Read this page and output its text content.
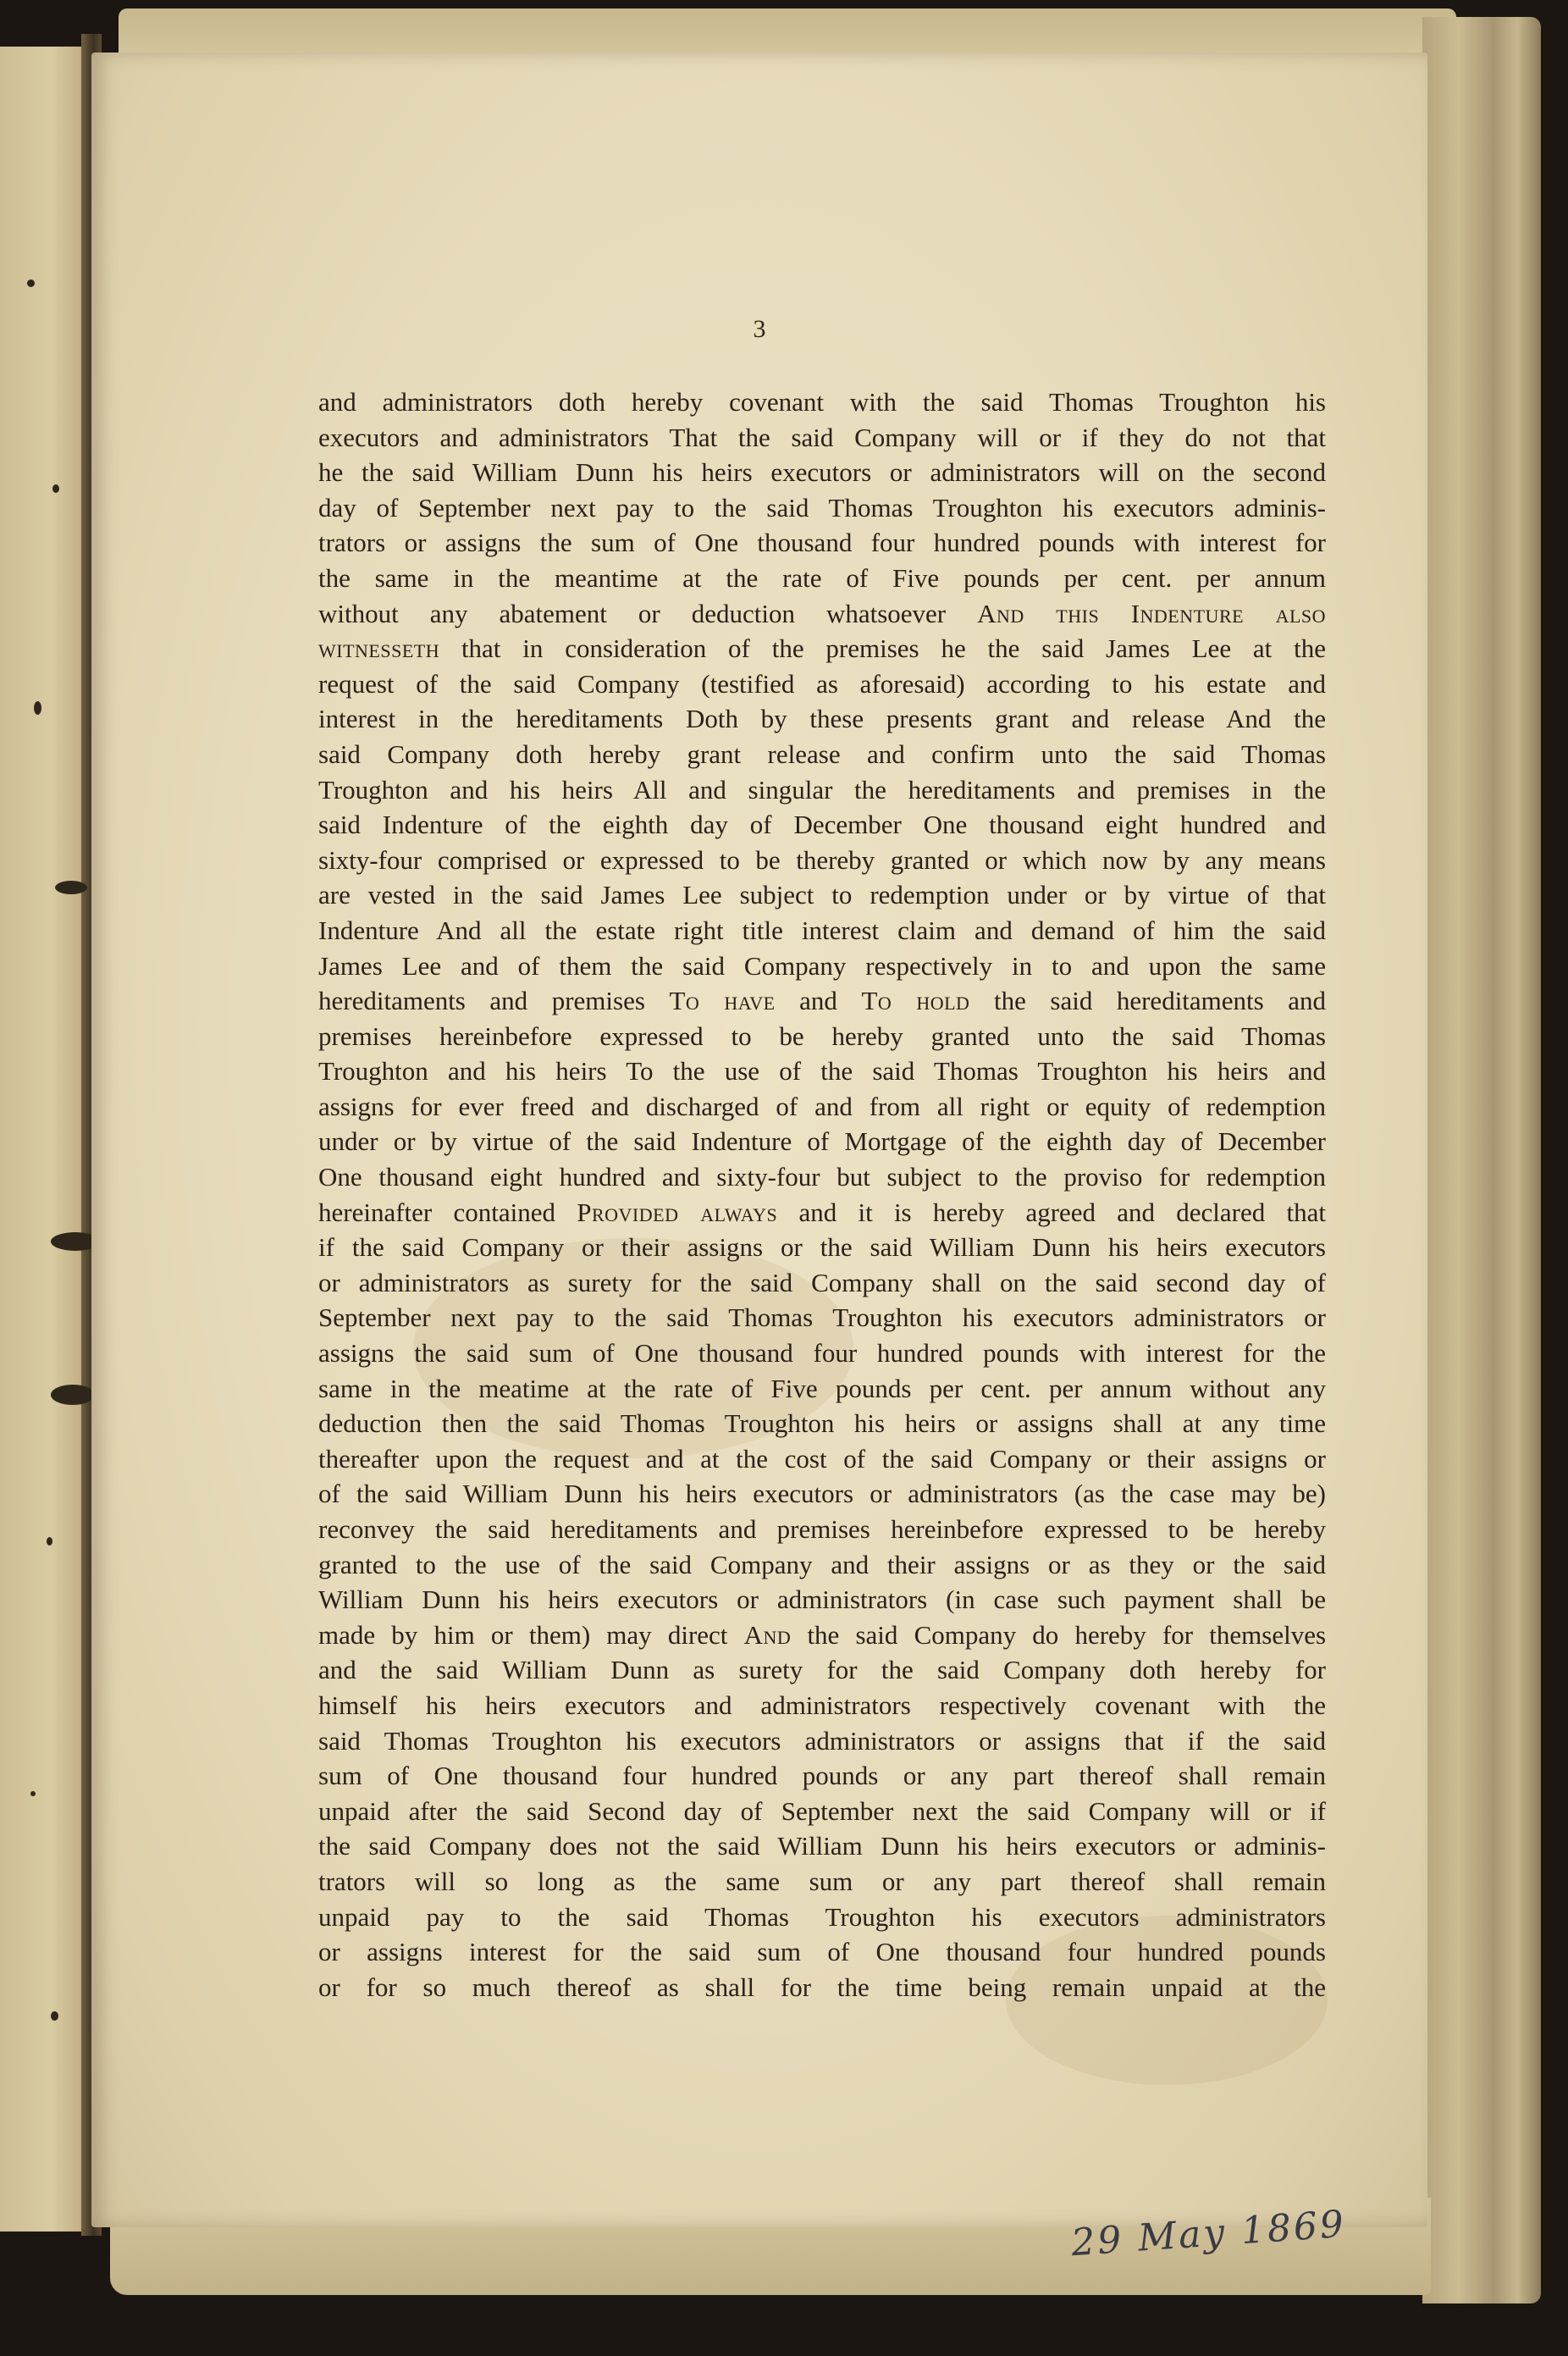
3
and administrators doth hereby covenant with the said Thomas Troughton his
executors and administrators That the said Company will or if they do not that
he the said William Dunn his heirs executors or administrators will on the second
day of September next pay to the said Thomas Troughton his executors adminis-
trators or assigns the sum of One thousand four hundred pounds with interest for
the same in the meantime at the rate of Five pounds per cent. per annum
without any abatement or deduction whatsoever And this Indenture also
witnesseth that in consideration of the premises he the said James Lee at the
request of the said Company (testified as aforesaid) according to his estate and
interest in the hereditaments Doth by these presents grant and release And the
said Company doth hereby grant release and confirm unto the said Thomas
Troughton and his heirs All and singular the hereditaments and premises in the
said Indenture of the eighth day of December One thousand eight hundred and
sixty-four comprised or expressed to be thereby granted or which now by any means
are vested in the said James Lee subject to redemption under or by virtue of that
Indenture And all the estate right title interest claim and demand of him the said
James Lee and of them the said Company respectively in to and upon the same
hereditaments and premises To have and To hold the said hereditaments and
premises hereinbefore expressed to be hereby granted unto the said Thomas
Troughton and his heirs To the use of the said Thomas Troughton his heirs and
assigns for ever freed and discharged of and from all right or equity of redemption
under or by virtue of the said Indenture of Mortgage of the eighth day of December
One thousand eight hundred and sixty-four but subject to the proviso for redemption
hereinafter contained Provided always and it is hereby agreed and declared that
if the said Company or their assigns or the said William Dunn his heirs executors
or administrators as surety for the said Company shall on the said second day of
September next pay to the said Thomas Troughton his executors administrators or
assigns the said sum of One thousand four hundred pounds with interest for the
same in the meatime at the rate of Five pounds per cent. per annum without any
deduction then the said Thomas Troughton his heirs or assigns shall at any time
thereafter upon the request and at the cost of the said Company or their assigns or
of the said William Dunn his heirs executors or administrators (as the case may be)
reconvey the said hereditaments and premises hereinbefore expressed to be hereby
granted to the use of the said Company and their assigns or as they or the said
William Dunn his heirs executors or administrators (in case such payment shall be
made by him or them) may direct And the said Company do hereby for themselves
and the said William Dunn as surety for the said Company doth hereby for
himself his heirs executors and administrators respectively covenant with the
said Thomas Troughton his executors administrators or assigns that if the said
sum of One thousand four hundred pounds or any part thereof shall remain
unpaid after the said Second day of September next the said Company will or if
the said Company does not the said William Dunn his heirs executors or adminis-
trators will so long as the same sum or any part thereof shall remain
unpaid pay to the said Thomas Troughton his executors administrators
or assigns interest for the said sum of One thousand four hundred pounds
or for so much thereof as shall for the time being remain unpaid at the
29 May 1869
